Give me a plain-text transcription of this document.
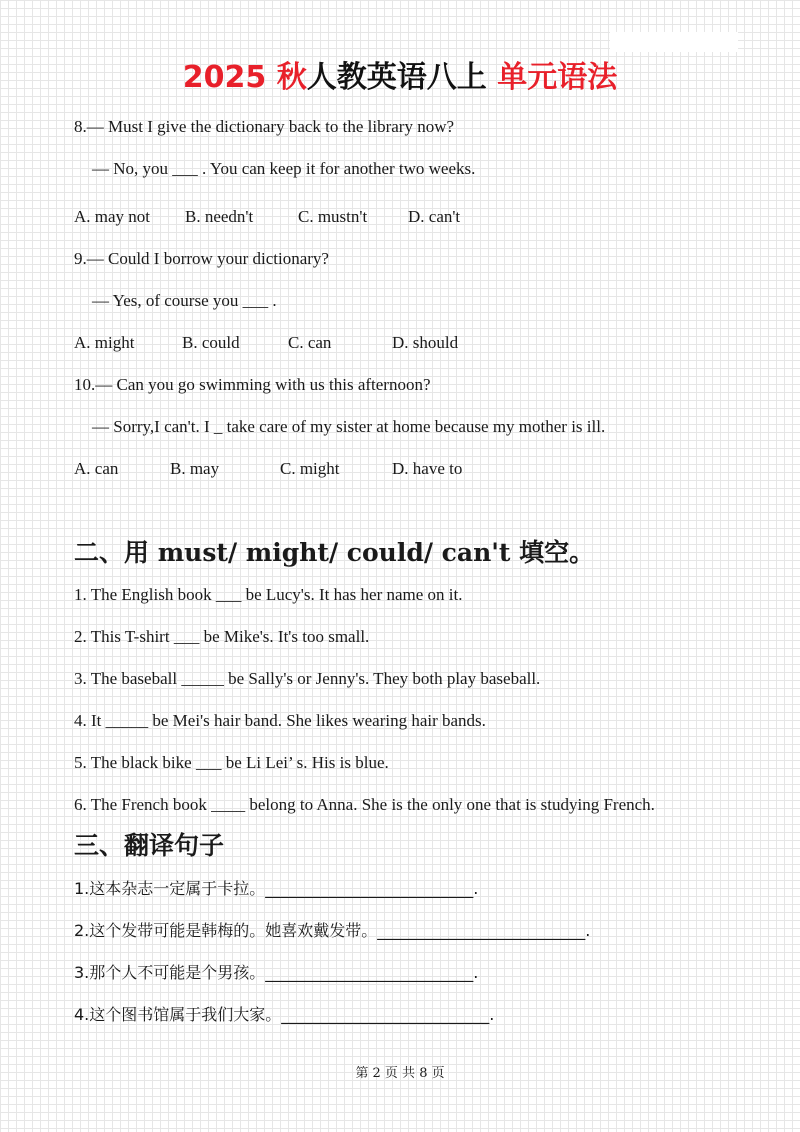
2025 秋人教英语八上 单元语法
8.— Must I give the dictionary back to the library now?
— No, you ___ . You can keep it for another two weeks.
A. may not B. needn't	C. mustn't D. can't
9.— Could I borrow your dictionary?
— Yes, of course you ___ .
A. might	B. could	C. can	D. should
10.— Can you go swimming with us this afternoon?
— Sorry,I can't. I _ take care of my sister at home because my mother is ill.
A. can	B. may	C. might	D. have to
二、用 must/ might/ could/ can't 填空。
1. The English book ___ be Lucy's. It has her name on it.
2. This T-shirt ___ be Mike's. It's too small.
3. The baseball _____ be Sally's or Jenny's. They both play baseball.
4. It _____ be Mei's hair band. She likes wearing hair bands.
5. The black bike ___ be Li Lei’ s. His is blue.
6. The French book ____ belong to Anna. She is the only one that is studying French.
三、翻译句子
1.这本杂志一定属于卡拉。__________________________.
2.这个发带可能是韩梅的。她喜欢戴发带。__________________________.
3.那个人不可能是个男孩。__________________________.
4.这个图书馆属于我们大家。__________________________.
第 2 页 共 8 页
